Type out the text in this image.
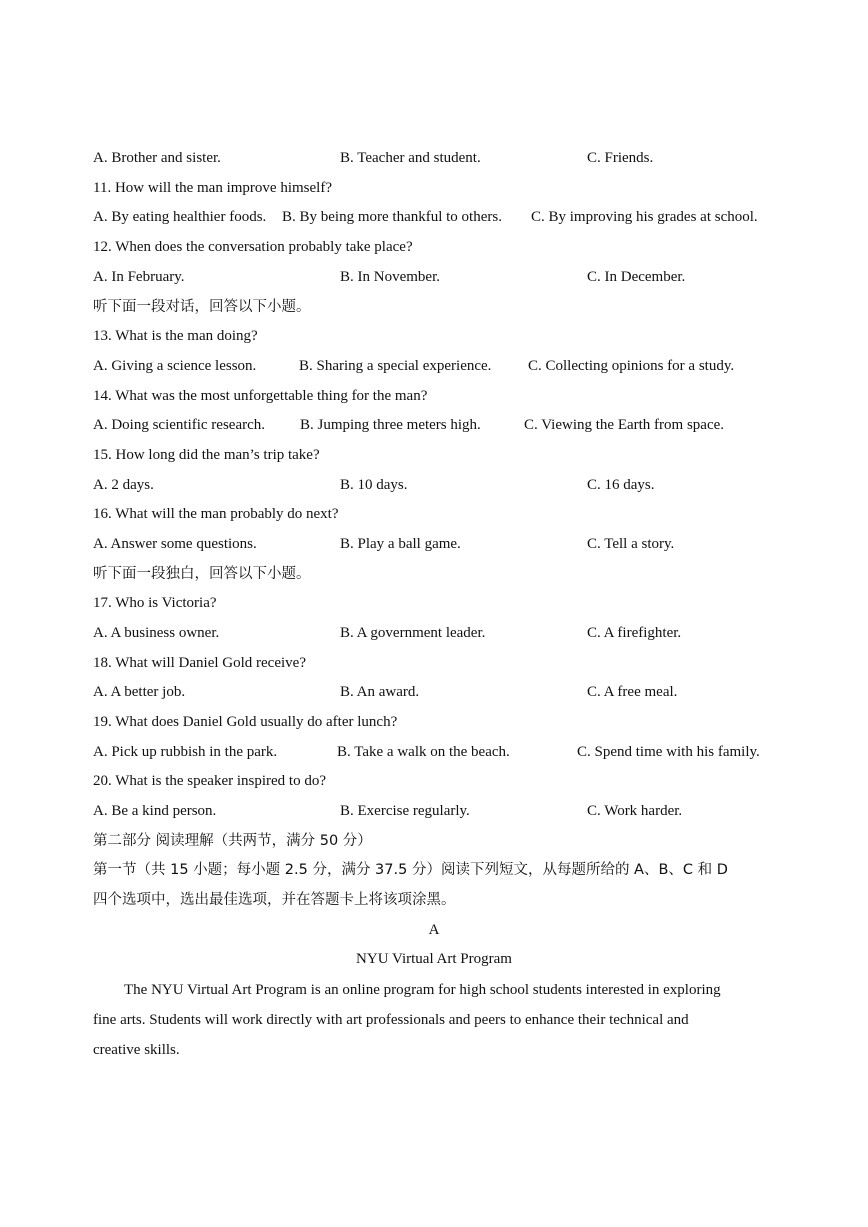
A. Brother and sister.	B. Teacher and student.	C. Friends.
11. How will the man improve himself?
A. By eating healthier foods. B. By being more thankful to others. C. By improving his grades at school.
12. When does the conversation probably take place?
A. In February.	B. In November.	C. In December.
听下面一段对话，回答以下小题。
13. What is the man doing?
A. Giving a science lesson.	B. Sharing a special experience. C. Collecting opinions for a study.
14. What was the most unforgettable thing for the man?
A. Doing scientific research. B. Jumping three meters high.	C. Viewing the Earth from space.
15. How long did the man’s trip take?
A. 2 days.	B. 10 days.	C. 16 days.
16. What will the man probably do next?
A. Answer some questions.	B. Play a ball game.	C. Tell a story.
听下面一段独白，回答以下小题。
17. Who is Victoria?
A. A business owner.	B. A government leader.	C. A firefighter.
18. What will Daniel Gold receive?
A. A better job.	B. An award.	C. A free meal.
19. What does Daniel Gold usually do after lunch?
A. Pick up rubbish in the park.	B. Take a walk on the beach.	C. Spend time with his family.
20. What is the speaker inspired to do?
A. Be a kind person.	B. Exercise regularly.	C. Work harder.
第二部分 阅读理解（共两节，满分 50 分）
第一节（共 15 小题；每小题 2.5 分，满分 37.5 分）阅读下列短文，从每题所给的 A、B、C 和 D
四个选项中，选出最佳选项，并在答题卡上将该项涂黑。
A
NYU Virtual Art Program
The NYU Virtual Art Program is an online program for high school students interested in exploring
fine arts. Students will work directly with art professionals and peers to enhance their technical and
creative skills.
